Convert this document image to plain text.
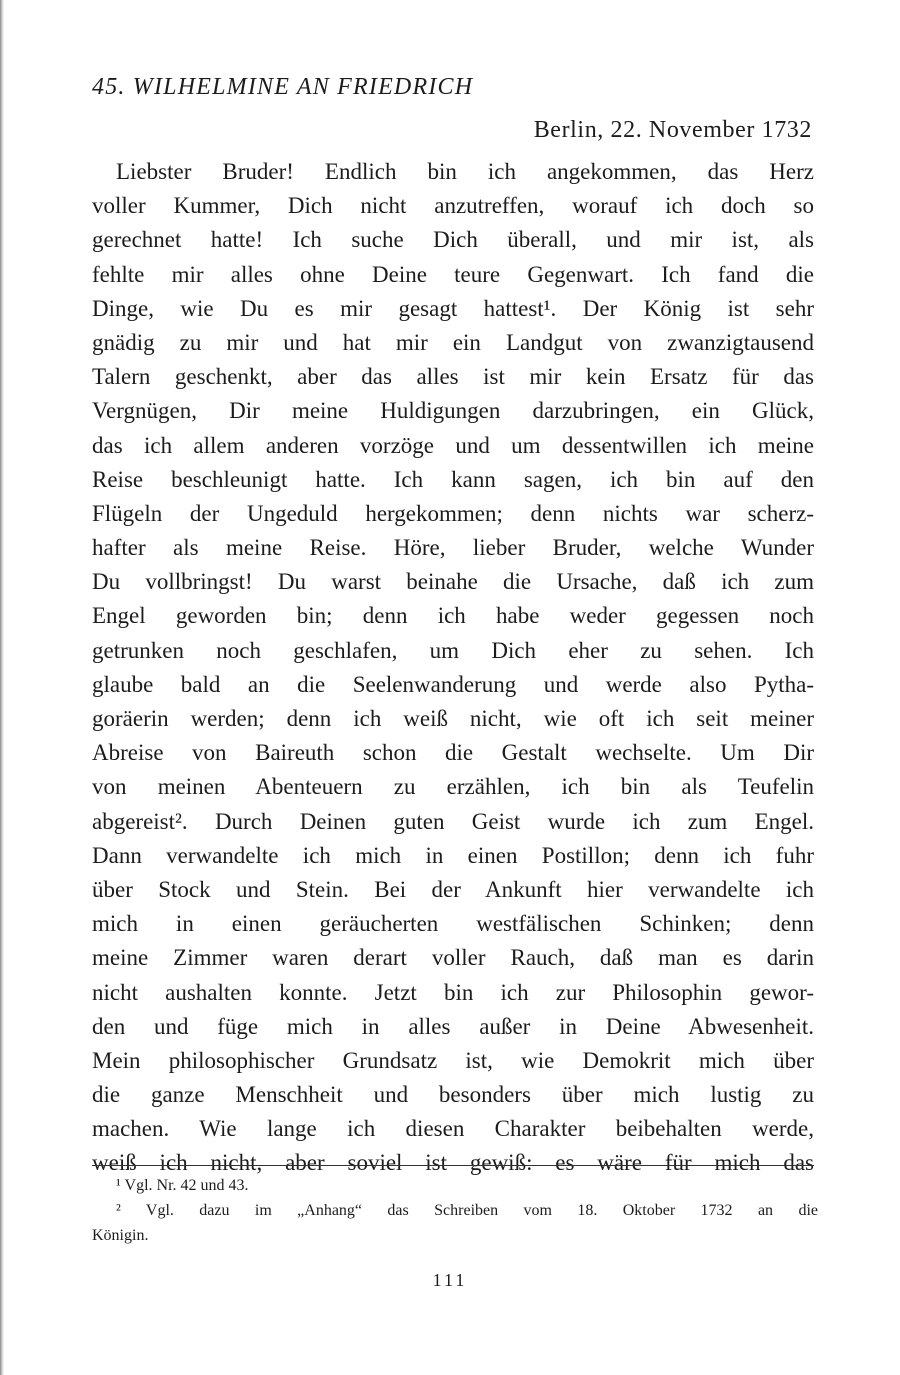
45. WILHELMINE AN FRIEDRICH
Berlin, 22. November 1732
Liebster Bruder! Endlich bin ich angekommen, das Herz
voller Kummer, Dich nicht anzutreffen, worauf ich doch so
gerechnet hatte! Ich suche Dich überall, und mir ist, als
fehlte mir alles ohne Deine teure Gegenwart. Ich fand die
Dinge, wie Du es mir gesagt hattest¹. Der König ist sehr
gnädig zu mir und hat mir ein Landgut von zwanzigtausend
Talern geschenkt, aber das alles ist mir kein Ersatz für das
Vergnügen, Dir meine Huldigungen darzubringen, ein Glück,
das ich allem anderen vorzöge und um dessentwillen ich meine
Reise beschleunigt hatte. Ich kann sagen, ich bin auf den
Flügeln der Ungeduld hergekommen; denn nichts war scherz-
hafter als meine Reise. Höre, lieber Bruder, welche Wunder
Du vollbringst! Du warst beinahe die Ursache, daß ich zum
Engel geworden bin; denn ich habe weder gegessen noch
getrunken noch geschlafen, um Dich eher zu sehen. Ich
glaube bald an die Seelenwanderung und werde also Pytha-
goräerin werden; denn ich weiß nicht, wie oft ich seit meiner
Abreise von Baireuth schon die Gestalt wechselte. Um Dir
von meinen Abenteuern zu erzählen, ich bin als Teufelin
abgereist². Durch Deinen guten Geist wurde ich zum Engel.
Dann verwandelte ich mich in einen Postillon; denn ich fuhr
über Stock und Stein. Bei der Ankunft hier verwandelte ich
mich in einen geräucherten westfälischen Schinken; denn
meine Zimmer waren derart voller Rauch, daß man es darin
nicht aushalten konnte. Jetzt bin ich zur Philosophin gewor-
den und füge mich in alles außer in Deine Abwesenheit.
Mein philosophischer Grundsatz ist, wie Demokrit mich über
die ganze Menschheit und besonders über mich lustig zu
machen. Wie lange ich diesen Charakter beibehalten werde,
weiß ich nicht, aber soviel ist gewiß: es wäre für mich das
¹ Vgl. Nr. 42 und 43.
² Vgl. dazu im „Anhang“ das Schreiben vom 18. Oktober 1732 an die
Königin.
111
